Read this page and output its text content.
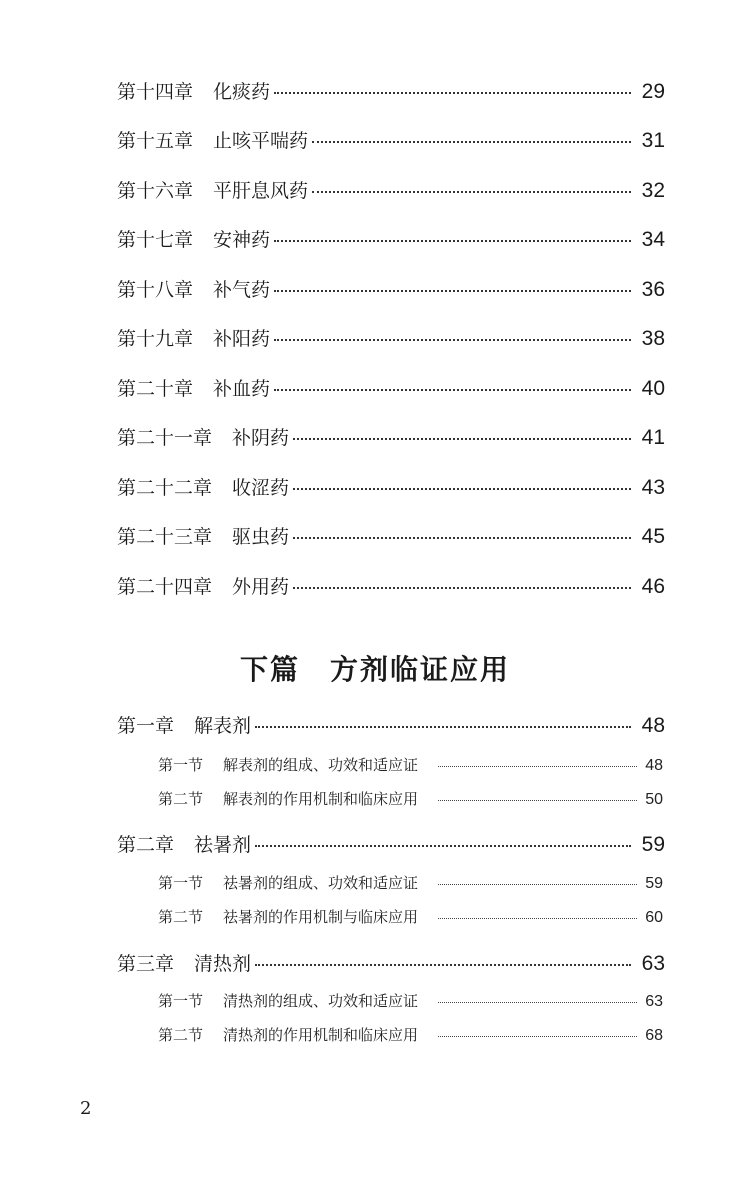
第十四章 化痰药	29
第十五章 止咳平喘药	31
第十六章 平肝息风药	32
第十七章 安神药	34
第十八章 补气药	36
第十九章 补阳药	38
第二十章 补血药	40
第二十一章 补阴药	41
第二十二章 收涩药	43
第二十三章 驱虫药	45
第二十四章 外用药	46
下篇 方剂临证应用
第一章 解表剂	48
第一节 解表剂的组成、功效和适应证	48
第二节 解表剂的作用机制和临床应用	50
第二章 祛暑剂	59
第一节 祛暑剂的组成、功效和适应证	59
第二节 祛暑剂的作用机制与临床应用	60
第三章 清热剂	63
第一节 清热剂的组成、功效和适应证	63
第二节 清热剂的作用机制和临床应用	68
2
